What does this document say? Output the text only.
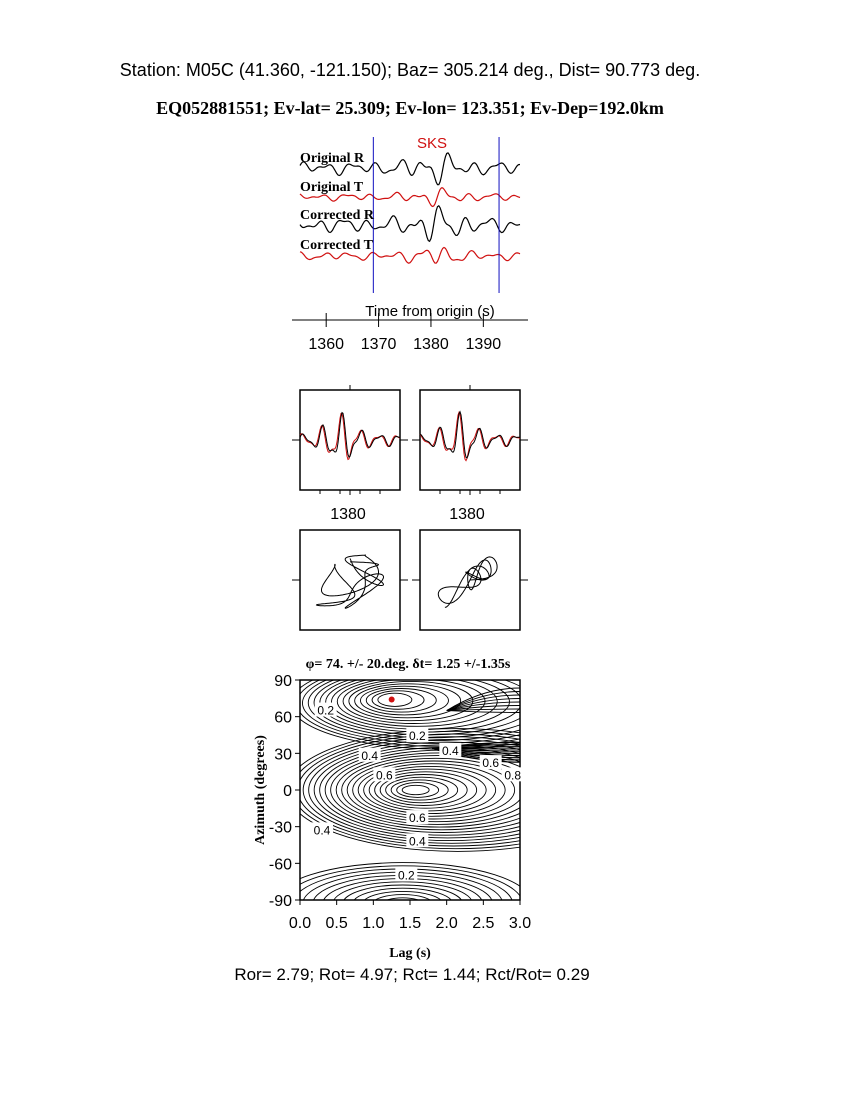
Station: M05C (41.360, -121.150); Baz= 305.214 deg., Dist= 90.773 deg.
EQ052881551; Ev-lat= 25.309; Ev-lon= 123.351; Ev-Dep=192.0km
SKS
Original R
Original T
Corrected R
Corrected T
Time from origin (s)
1360 1370 1380 1390
1380	1380
φ= 74. +/- 20.deg. δt= 1.25 +/-1.35s
0.0 0.5 1.0 1.5 2.0 2.5 3.0
90
60
30
0
-30
-60
-90
0.2
0.2
0.4
0.6	0.8
0.4
0.6
0.6
0.4
0.4
0.2
Lag (s)
Azimuth (degrees)
Ror= 2.79; Rot= 4.97; Rct= 1.44; Rct/Rot= 0.29
